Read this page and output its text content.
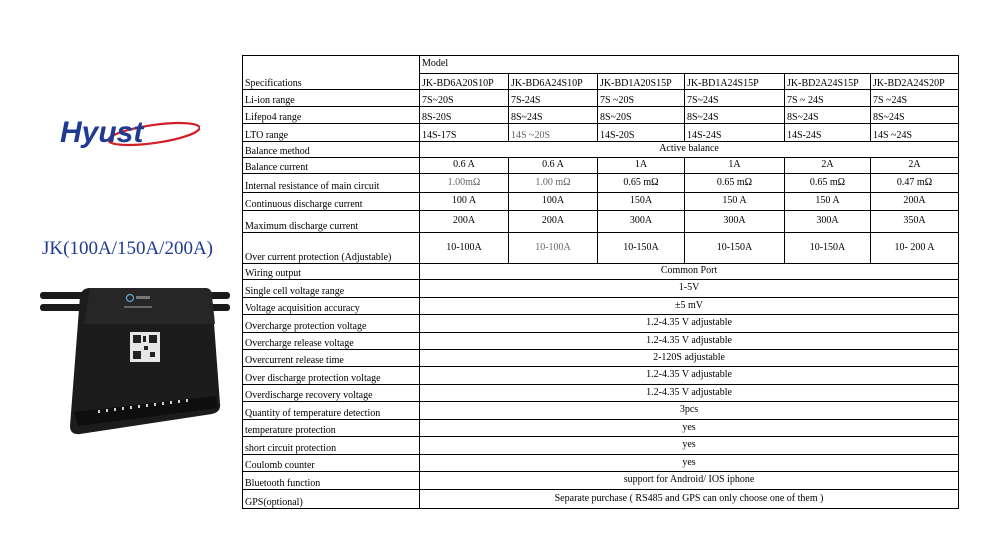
Hyust
JK(100A/150A/200A)
	Model					
Specifications	JK-BD6A20S10P	JK-BD6A24S10P	JK-BD1A20S15P	JK-BD1A24S15P	JK-BD2A24S15P	JK-BD2A24S20P
Li-ion range	7S~20S	7S-24S	7S ~20S	7S~24S	7S ~ 24S	7S ~24S
Lifepo4 range	8S-20S	8S~24S	8S~20S	8S~24S	8S~24S	8S~24S
LTO range	14S-17S	14S ~20S	14S-20S	14S-24S	14S-24S	14S ~24S
Balance method	Active balance					
Balance current	0.6 A	0.6 A	1A	1A	2A	2A
Internal resistance of main circuit	1.00mΩ	1.00 mΩ	0.65 mΩ	0.65 mΩ	0.65 mΩ	0.47 mΩ
Continuous discharge current	100 A	100A	150A	150 A	150 A	200A
Maximum discharge current	200A	200A	300A	300A	300A	350A
Over current protection (Adjustable)	10-100A	10-100A	10-150A	10-150A	10-150A	10- 200 A
Wiring output	Common Port					
Single cell voltage range	1-5V					
Voltage acquisition accuracy	±5 mV					
Overcharge protection voltage	1.2-4.35 V adjustable					
Overcharge release voltage	1.2-4.35 V adjustable					
Overcurrent release time	2-120S adjustable					
Over discharge protection voltage	1.2-4.35 V adjustable					
Overdischarge recovery voltage	1.2-4.35 V adjustable					
Quantity of temperature detection	3pcs					
temperature protection	yes					
short circuit protection	yes					
Coulomb counter	yes					
Bluetooth function	support for Android/ IOS iphone					
GPS(optional)	Separate purchase ( RS485 and GPS can only choose one of them )					
